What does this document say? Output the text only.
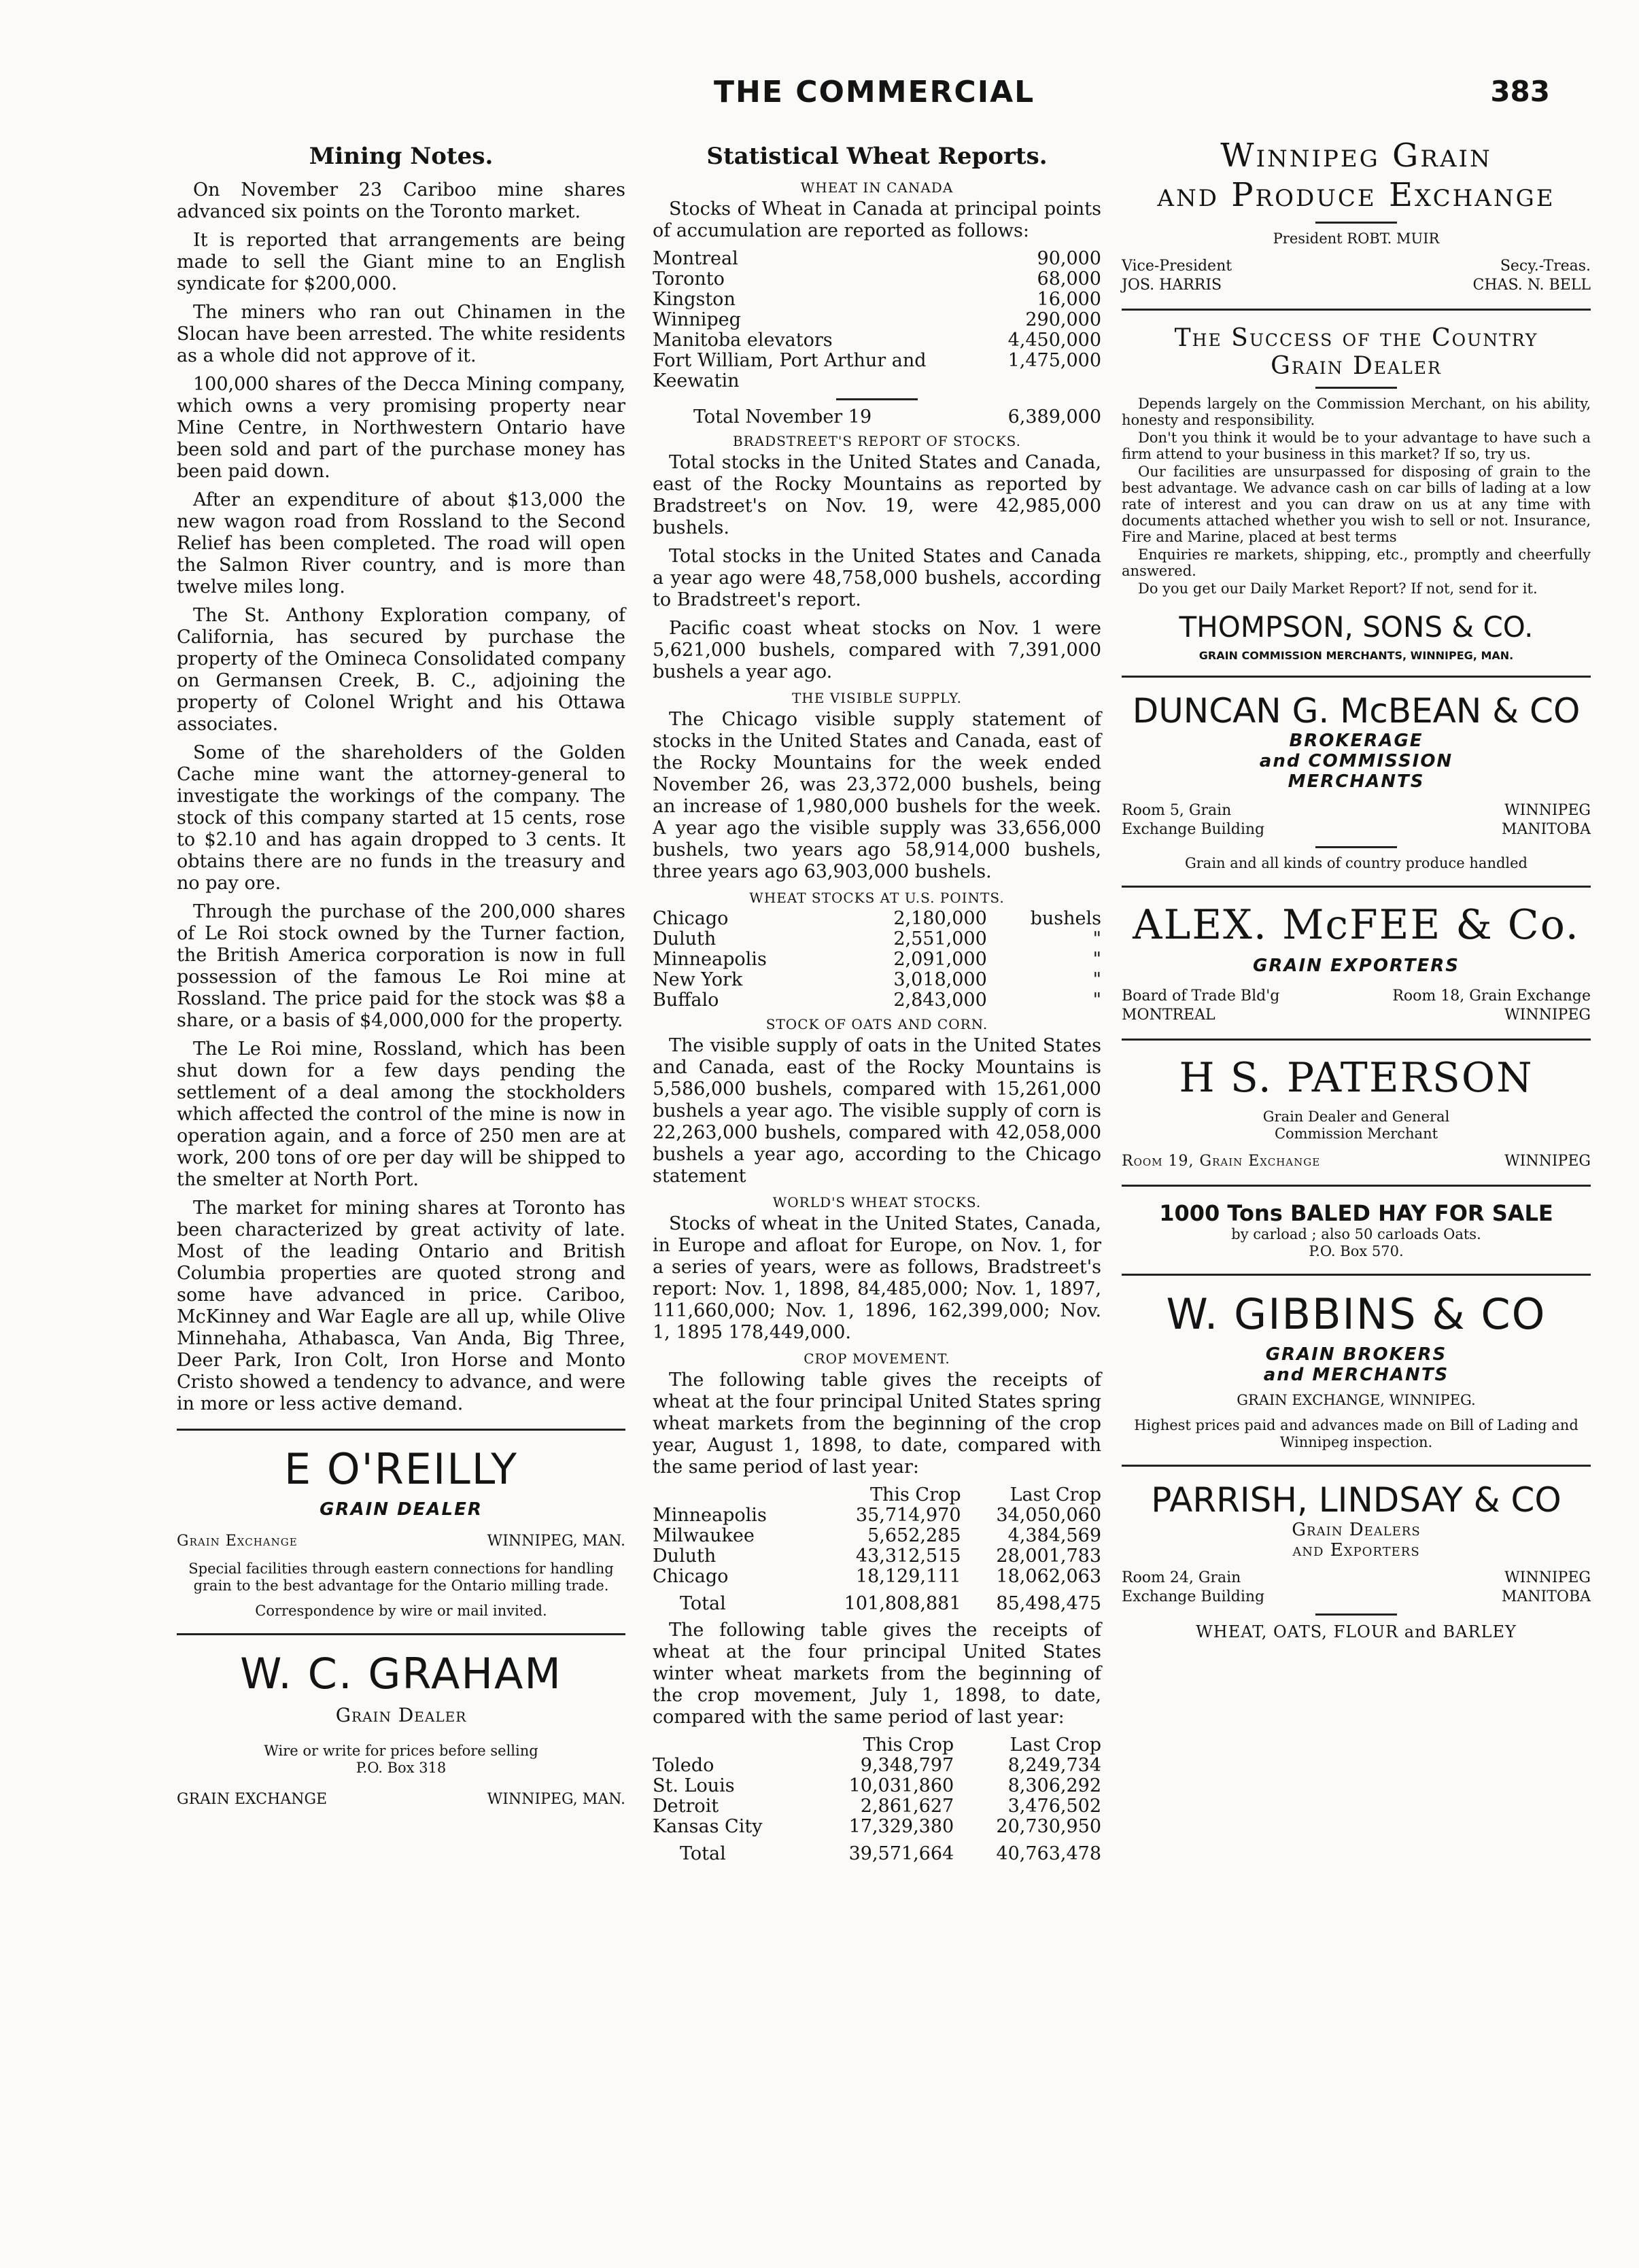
THE COMMERCIAL	383
Mining Notes.

On November 23 Cariboo mine shares advanced six points on the Toronto market.

It is reported that arrangements are being made to sell the Giant mine to an English syndicate for $200,000.

The miners who ran out Chinamen in the Slocan have been arrested. The white residents as a whole did not approve of it.

100,000 shares of the Decca Mining company, which owns a very promising property near Mine Centre, in Northwestern Ontario have been sold and part of the purchase money has been paid down.

After an expenditure of about $13,000 the new wagon road from Rossland to the Second Relief has been completed. The road will open the Salmon River country, and is more than twelve miles long.

The St. Anthony Exploration company, of California, has secured by purchase the property of the Omineca Consolidated company on Germansen Creek, B. C., adjoining the property of Colonel Wright and his Ottawa associates.

Some of the shareholders of the Golden Cache mine want the attorney-general to investigate the workings of the company. The stock of this company started at 15 cents, rose to $2.10 and has again dropped to 3 cents. It obtains there are no funds in the treasury and no pay ore.

Through the purchase of the 200,000 shares of Le Roi stock owned by the Turner faction, the British America corporation is now in full possession of the famous Le Roi mine at Rossland. The price paid for the stock was $8 a share, or a basis of $4,000,000 for the property.

The Le Roi mine, Rossland, which has been shut down for a few days pending the settlement of a deal among the stockholders which affected the control of the mine is now in operation again, and a force of 250 men are at work, 200 tons of ore per day will be shipped to the smelter at North Port.

The market for mining shares at Toronto has been characterized by great activity of late. Most of the leading Ontario and British Columbia properties are quoted strong and some have advanced in price. Cariboo, McKinney and War Eagle are all up, while Olive Minnehaha, Athabasca, Van Anda, Big Three, Deer Park, Iron Colt, Iron Horse and Monto Cristo showed a tendency to advance, and were in more or less active demand.

E O'REILLY
GRAIN DEALER
Grain Exchange	WINNIPEG, MAN.
Special facilities through eastern connections for handling grain to the best advantage for the Ontario milling trade.
Correspondence by wire or mail invited.
W. C. GRAHAM
Grain Dealer
Wire or write for prices before selling
P.O. Box 318
GRAIN EXCHANGE	WINNIPEG, MAN.
Statistical Wheat Reports.
WHEAT IN CANADA

Stocks of Wheat in Canada at principal points of accumulation are reported as follows:

Montreal	90,000
Toronto	68,000
Kingston	16,000
Winnipeg	290,000
Manitoba elevators	4,450,000
Fort William, Port Arthur and Keewatin	1,475,000
Total November 19	6,389,000
BRADSTREET'S REPORT OF STOCKS.

Total stocks in the United States and Canada, east of the Rocky Mountains as reported by Bradstreet's on Nov. 19, were 42,985,000 bushels.

Total stocks in the United States and Canada a year ago were 48,758,000 bushels, according to Bradstreet's report.

Pacific coast wheat stocks on Nov. 1 were 5,621,000 bushels, compared with 7,391,000 bushels a year ago.

THE VISIBLE SUPPLY.

The Chicago visible supply statement of stocks in the United States and Canada, east of the Rocky Mountains for the week ended November 26, was 23,372,000 bushels, being an increase of 1,980,000 bushels for the week. A year ago the visible supply was 33,656,000 bushels, two years ago 58,914,000 bushels, three years ago 63,903,000 bushels.

WHEAT STOCKS AT U.S. POINTS.
Chicago	2,180,000	bushels
Duluth	2,551,000	"
Minneapolis	2,091,000	"
New York	3,018,000	"
Buffalo	2,843,000	"
STOCK OF OATS AND CORN.

The visible supply of oats in the United States and Canada, east of the Rocky Mountains is 5,586,000 bushels, compared with 15,261,000 bushels a year ago. The visible supply of corn is 22,263,000 bushels, compared with 42,058,000 bushels a year ago, according to the Chicago statement

WORLD'S WHEAT STOCKS.

Stocks of wheat in the United States, Canada, in Europe and afloat for Europe, on Nov. 1, for a series of years, were as follows, Bradstreet's report: Nov. 1, 1898, 84,485,000; Nov. 1, 1897, 111,660,000; Nov. 1, 1896, 162,399,000; Nov. 1, 1895 178,449,000.

CROP MOVEMENT.

The following table gives the receipts of wheat at the four principal United States spring wheat markets from the beginning of the crop year, August 1, 1898, to date, compared with the same period of last year:

	This Crop	Last Crop
Minneapolis	35,714,970	34,050,060
Milwaukee	5,652,285	4,384,569
Duluth	43,312,515	28,001,783
Chicago	18,129,111	18,062,063
Total	101,808,881	85,498,475

The following table gives the receipts of wheat at the four principal United States winter wheat markets from the beginning of the crop movement, July 1, 1898, to date, compared with the same period of last year:

	This Crop	Last Crop
Toledo	9,348,797	8,249,734
St. Louis	10,031,860	8,306,292
Detroit	2,861,627	3,476,502
Kansas City	17,329,380	20,730,950
Total	39,571,664	40,763,478
Winnipeg Grain
and Produce Exchange
President ROBT. MUIR
Vice-President	Secy.-Treas.
JOS. HARRIS	CHAS. N. BELL
The Success of the Country
Grain Dealer

Depends largely on the Commission Merchant, on his ability, honesty and responsibility.

Don't you think it would be to your advantage to have such a firm attend to your business in this market? If so, try us.

Our facilities are unsurpassed for disposing of grain to the best advantage. We advance cash on car bills of lading at a low rate of interest and you can draw on us at any time with documents attached whether you wish to sell or not. Insurance, Fire and Marine, placed at best terms

Enquiries re markets, shipping, etc., promptly and cheerfully answered.

Do you get our Daily Market Report? If not, send for it.

THOMPSON, SONS & CO.
GRAIN COMMISSION MERCHANTS, WINNIPEG, MAN.
DUNCAN G. McBEAN & CO
BROKERAGE
and COMMISSION
MERCHANTS
Room 5, Grain	WINNIPEG
Exchange Building	MANITOBA
Grain and all kinds of country produce handled
ALEX. McFEE & Co.
GRAIN EXPORTERS
Board of Trade Bld'g	Room 18, Grain Exchange
MONTREAL	WINNIPEG
H S. PATERSON
Grain Dealer and General
Commission Merchant
Room 19, Grain Exchange	WINNIPEG
1000 Tons BALED HAY FOR SALE
by carload ; also 50 carloads Oats.
P.O. Box 570.
W. GIBBINS & CO
GRAIN BROKERS
and MERCHANTS
GRAIN EXCHANGE, WINNIPEG.
Highest prices paid and advances made on Bill of Lading and Winnipeg inspection.
PARRISH, LINDSAY & CO
Grain Dealers
and Exporters
Room 24, Grain	WINNIPEG
Exchange Building	MANITOBA
WHEAT, OATS, FLOUR and BARLEY
